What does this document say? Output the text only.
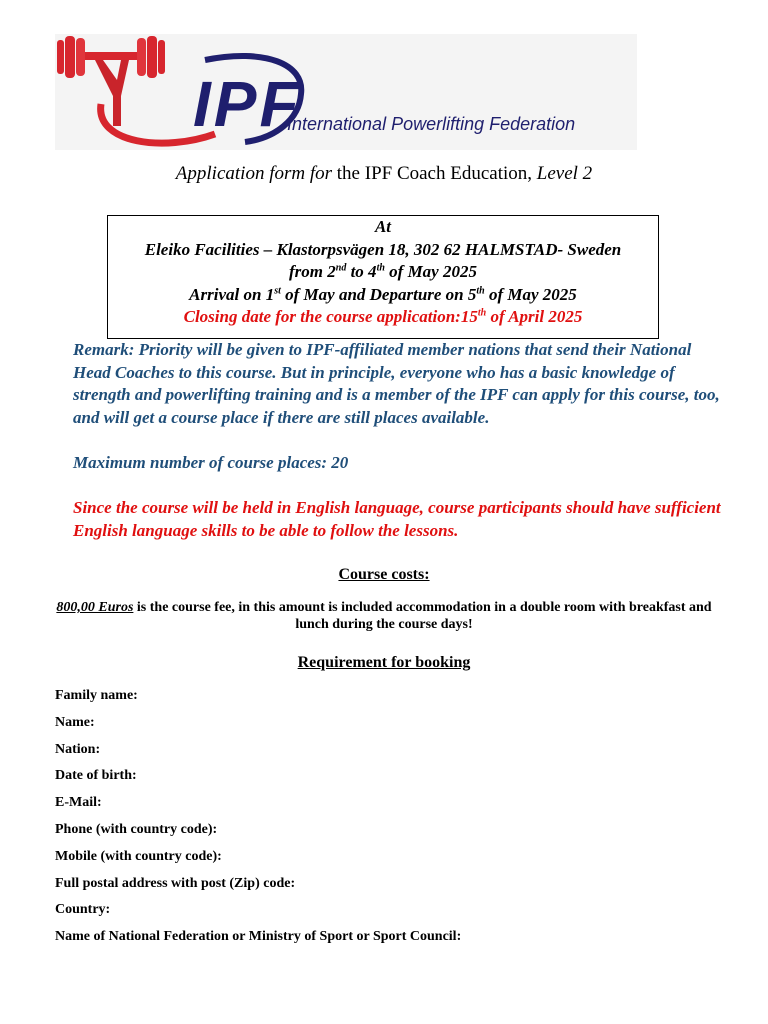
IPF
International Powerlifting Federation
Application form for the IPF Coach Education, Level 2
At
Eleiko Facilities – Klastorpsvägen 18, 302 62 HALMSTAD- Sweden
from 2nd to 4th of May 2025
Arrival on 1st of May and Departure on 5th of May 2025
Closing date for the course application:15th of April 2025
Remark: Priority will be given to IPF-affiliated member nations that send their National Head Coaches to this course. But in principle, everyone who has a basic knowledge of strength and powerlifting training and is a member of the IPF can apply for this course, too, and will get a course place if there are still places available.
Maximum number of course places: 20
Since the course will be held in English language, course participants should have sufficient English language skills to be able to follow the lessons.
Course costs:
800,00 Euros is the course fee, in this amount is included accommodation in a double room with breakfast and lunch during the course days!
Requirement for booking
Family name:
Name:
Nation:
Date of birth:
E-Mail:
Phone (with country code):
Mobile (with country code):
Full postal address with post (Zip) code:
Country:
Name of National Federation or Ministry of Sport or Sport Council:
